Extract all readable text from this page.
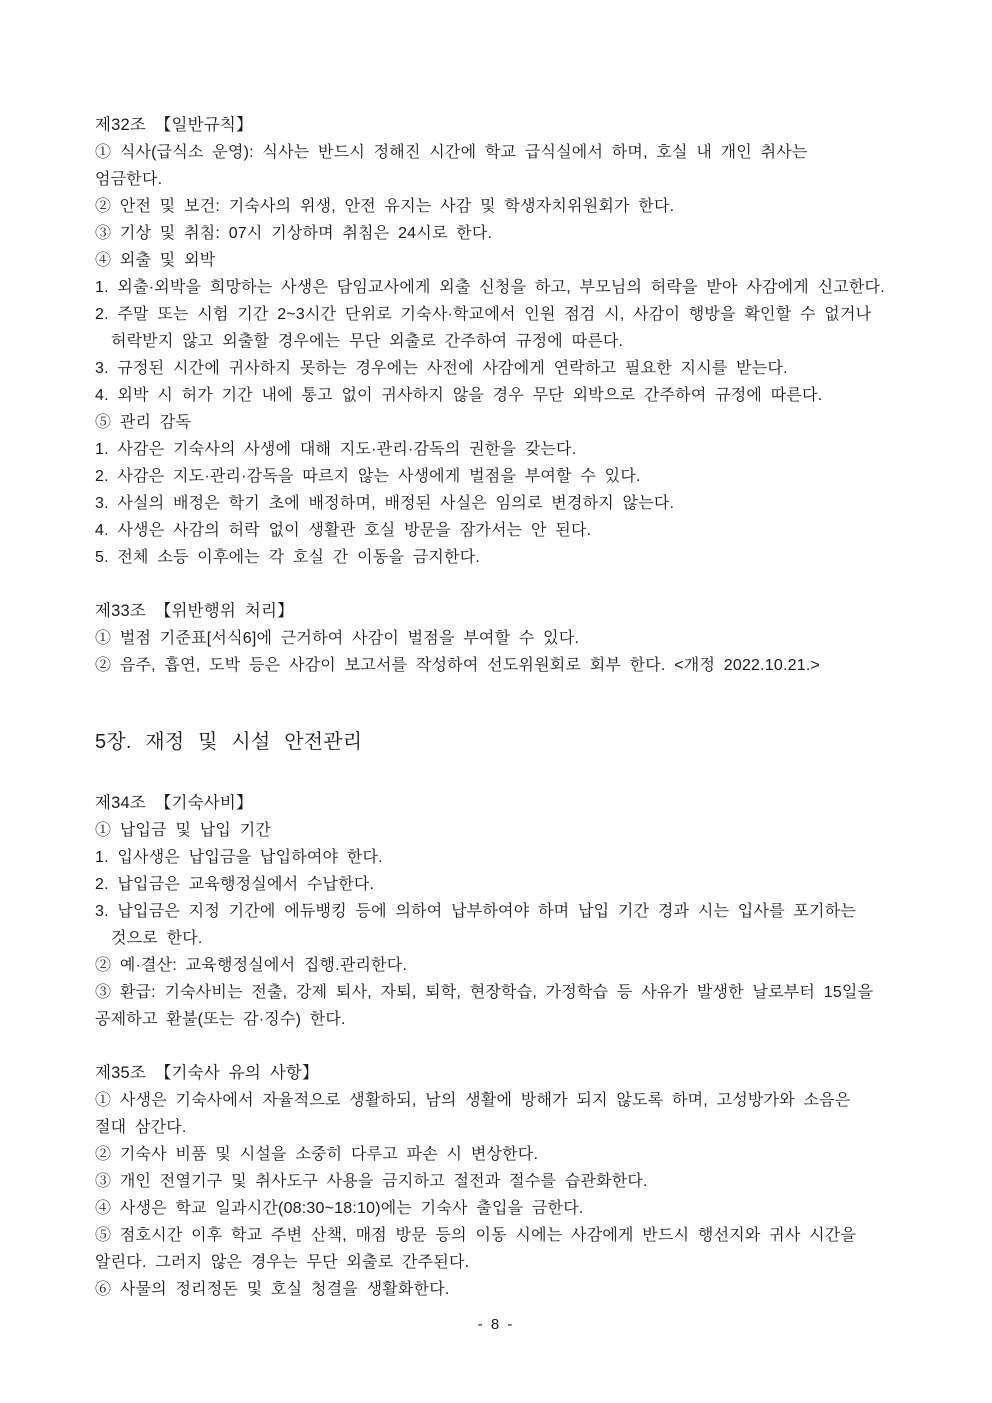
제32조 【일반규칙】
① 식사(급식소 운영): 식사는 반드시 정해진 시간에 학교 급식실에서 하며, 호실 내 개인 취사는
엄금한다.
② 안전 및 보건: 기숙사의 위생, 안전 유지는 사감 및 학생자치위원회가 한다.
③ 기상 및 취침: 07시 기상하며 취침은 24시로 한다.
④ 외출 및 외박
1. 외출·외박을 희망하는 사생은 담임교사에게 외출 신청을 하고, 부모님의 허락을 받아 사감에게 신고한다.
2. 주말 또는 시험 기간 2~3시간 단위로 기숙사·학교에서 인원 점검 시, 사감이 행방을 확인할 수 없거나
허락받지 않고 외출할 경우에는 무단 외출로 간주하여 규정에 따른다.
3. 규정된 시간에 귀사하지 못하는 경우에는 사전에 사감에게 연락하고 필요한 지시를 받는다.
4. 외박 시 허가 기간 내에 통고 없이 귀사하지 않을 경우 무단 외박으로 간주하여 규정에 따른다.
⑤ 관리 감독
1. 사감은 기숙사의 사생에 대해 지도·관리·감독의 권한을 갖는다.
2. 사감은 지도·관리·감독을 따르지 않는 사생에게 벌점을 부여할 수 있다.
3. 사실의 배정은 학기 초에 배정하며, 배정된 사실은 임의로 변경하지 않는다.
4. 사생은 사감의 허락 없이 생활관 호실 방문을 잠가서는 안 된다.
5. 전체 소등 이후에는 각 호실 간 이동을 금지한다.
제33조 【위반행위 처리】
① 벌점 기준표[서식6]에 근거하여 사감이 벌점을 부여할 수 있다.
② 음주, 흡연, 도박 등은 사감이 보고서를 작성하여 선도위원회로 회부 한다. <개정 2022.10.21.>
5장. 재정 및 시설 안전관리
제34조 【기숙사비】
① 납입금 및 납입 기간
1. 입사생은 납입금을 납입하여야 한다.
2. 납입금은 교육행정실에서 수납한다.
3. 납입금은 지정 기간에 에듀뱅킹 등에 의하여 납부하여야 하며 납입 기간 경과 시는 입사를 포기하는
것으로 한다.
② 예·결산: 교육행정실에서 집행.관리한다.
③ 환급: 기숙사비는 전출, 강제 퇴사, 자퇴, 퇴학, 현장학습, 가정학습 등 사유가 발생한 날로부터 15일을
공제하고 환불(또는 감·징수) 한다.
제35조 【기숙사 유의 사항】
① 사생은 기숙사에서 자율적으로 생활하되, 남의 생활에 방해가 되지 않도록 하며, 고성방가와 소음은
절대 삼간다.
② 기숙사 비품 및 시설을 소중히 다루고 파손 시 변상한다.
③ 개인 전열기구 및 취사도구 사용을 금지하고 절전과 절수를 습관화한다.
④ 사생은 학교 일과시간(08:30~18:10)에는 기숙사 출입을 금한다.
⑤ 점호시간 이후 학교 주변 산책, 매점 방문 등의 이동 시에는 사감에게 반드시 행선지와 귀사 시간을
알린다. 그러지 않은 경우는 무단 외출로 간주된다.
⑥ 사물의 정리정돈 및 호실 청결을 생활화한다.
- 8 -
